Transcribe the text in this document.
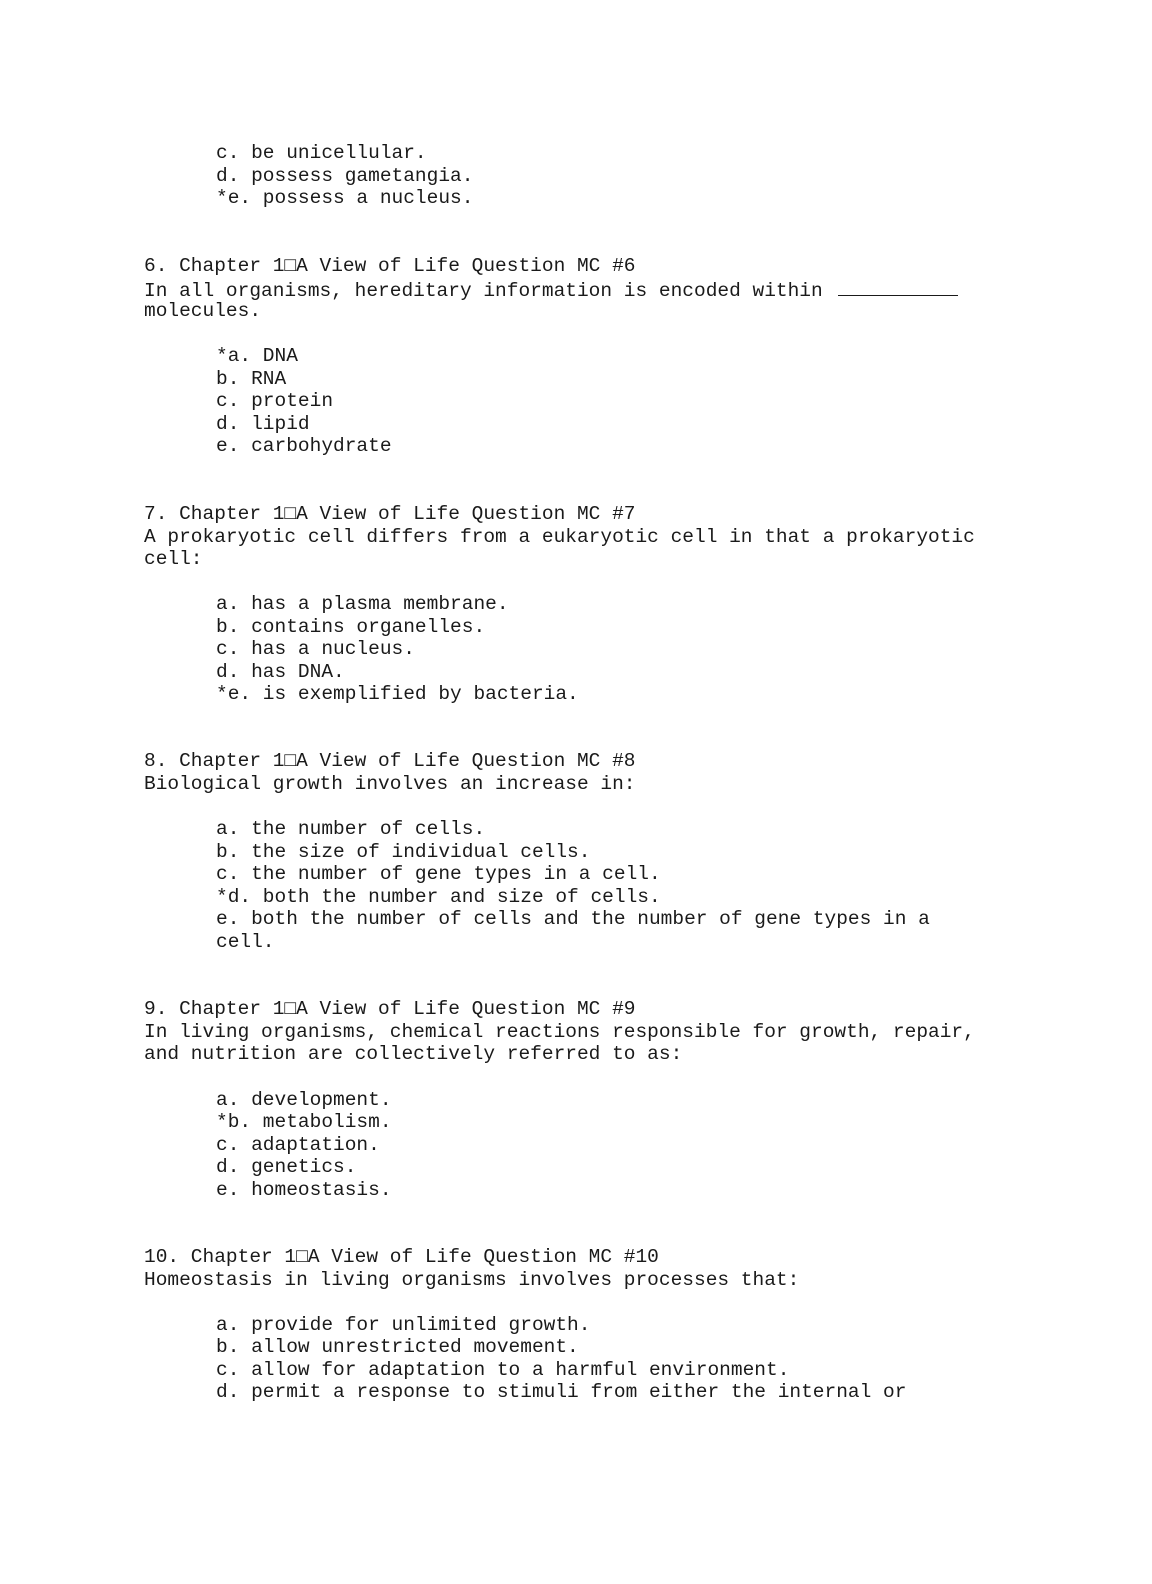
c. be unicellular.
d. possess gametangia.
*e. possess a nucleus.
6. Chapter 1□A View of Life Question MC #6
In all organisms, hereditary information is encoded within
molecules.
*a. DNA
b. RNA
c. protein
d. lipid
e. carbohydrate
7. Chapter 1□A View of Life Question MC #7
A prokaryotic cell differs from a eukaryotic cell in that a prokaryotic
cell:
a. has a plasma membrane.
b. contains organelles.
c. has a nucleus.
d. has DNA.
*e. is exemplified by bacteria.
8. Chapter 1□A View of Life Question MC #8
Biological growth involves an increase in:
a. the number of cells.
b. the size of individual cells.
c. the number of gene types in a cell.
*d. both the number and size of cells.
e. both the number of cells and the number of gene types in a
cell.
9. Chapter 1□A View of Life Question MC #9
In living organisms, chemical reactions responsible for growth, repair,
and nutrition are collectively referred to as:
a. development.
*b. metabolism.
c. adaptation.
d. genetics.
e. homeostasis.
10. Chapter 1□A View of Life Question MC #10
Homeostasis in living organisms involves processes that:
a. provide for unlimited growth.
b. allow unrestricted movement.
c. allow for adaptation to a harmful environment.
d. permit a response to stimuli from either the internal or
